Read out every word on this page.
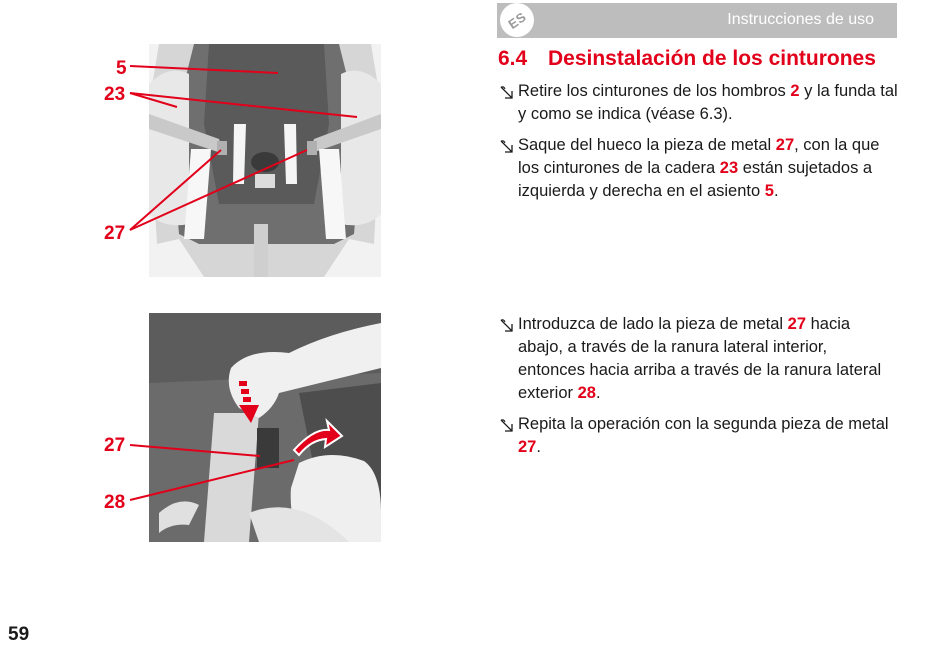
ES	Instrucciones de uso
6.4 Desinstalación de los cinturones
Retire los cinturones de los hombros 2 y la funda tal y como se indica (véase 6.3).
Saque del hueco la pieza de metal 27, con la que los cinturones de la cadera 23 están sujetados a izquierda y derecha en el asiento 5.
Introduzca de lado la pieza de metal 27 hacia abajo, a través de la ranura lateral interior, entonces hacia arriba a través de la ranura lateral exterior 28.
Repita la operación con la segunda pieza de metal 27.
5
23
27
27
28
59
